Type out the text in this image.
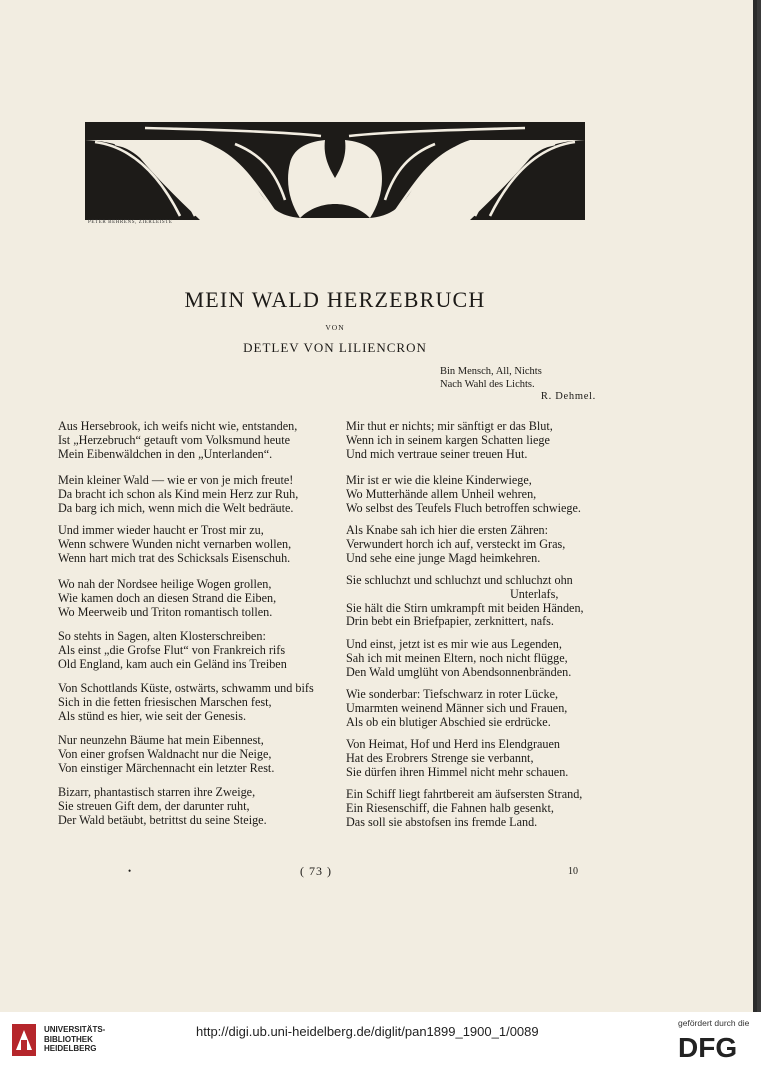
PETER BEHRENS, ZIERLEISTE
MEIN WALD HERZEBRUCH
VON
DETLEV VON LILIENCRON
Bin Mensch, All, Nichts
Nach Wahl des Lichts.
R. Dehmel.
Aus Hersebrook, ich weifs nicht wie, entstanden,
Ist „Herzebruch“ getauft vom Volksmund heute
Mein Eibenwäldchen in den „Unterlanden“.
Mein kleiner Wald — wie er von je mich freute!
Da bracht ich schon als Kind mein Herz zur Ruh,
Da barg ich mich, wenn mich die Welt bedräute.
Und immer wieder haucht er Trost mir zu,
Wenn schwere Wunden nicht vernarben wollen,
Wenn hart mich trat des Schicksals Eisenschuh.
Wo nah der Nordsee heilige Wogen grollen,
Wie kamen doch an diesen Strand die Eiben,
Wo Meerweib und Triton romantisch tollen.
So stehts in Sagen, alten Klosterschreiben:
Als einst „die Grofse Flut“ von Frankreich rifs
Old England, kam auch ein Geländ ins Treiben
Von Schottlands Küste, ostwärts, schwamm und bifs
Sich in die fetten friesischen Marschen fest,
Als stünd es hier, wie seit der Genesis.
Nur neunzehn Bäume hat mein Eibennest,
Von einer grofsen Waldnacht nur die Neige,
Von einstiger Märchennacht ein letzter Rest.
Bizarr, phantastisch starren ihre Zweige,
Sie streuen Gift dem, der darunter ruht,
Der Wald betäubt, betrittst du seine Steige.
Mir thut er nichts; mir sänftigt er das Blut,
Wenn ich in seinem kargen Schatten liege
Und mich vertraue seiner treuen Hut.
Mir ist er wie die kleine Kinderwiege,
Wo Mutterhände allem Unheil wehren,
Wo selbst des Teufels Fluch betroffen schwiege.
Als Knabe sah ich hier die ersten Zähren:
Verwundert horch ich auf, versteckt im Gras,
Und sehe eine junge Magd heimkehren.
Sie schluchzt und schluchzt und schluchzt ohn
Unterlafs,
Sie hält die Stirn umkrampft mit beiden Händen,
Drin bebt ein Briefpapier, zerknittert, nafs.
Und einst, jetzt ist es mir wie aus Legenden,
Sah ich mit meinen Eltern, noch nicht flügge,
Den Wald umglüht von Abendsonnenbränden.
Wie sonderbar: Tiefschwarz in roter Lücke,
Umarmten weinend Männer sich und Frauen,
Als ob ein blutiger Abschied sie erdrücke.
Von Heimat, Hof und Herd ins Elendgrauen
Hat des Erobrers Strenge sie verbannt,
Sie dürfen ihren Himmel nicht mehr schauen.
Ein Schiff liegt fahrtbereit am äufsersten Strand,
Ein Riesenschiff, die Fahnen halb gesenkt,
Das soll sie abstofsen ins fremde Land.
•	( 73 )	10
UNIVERSITÄTS-
BIBLIOTHEK
HEIDELBERG
http://digi.ub.uni-heidelberg.de/diglit/pan1899_1900_1/0089
gefördert durch die
DFG
